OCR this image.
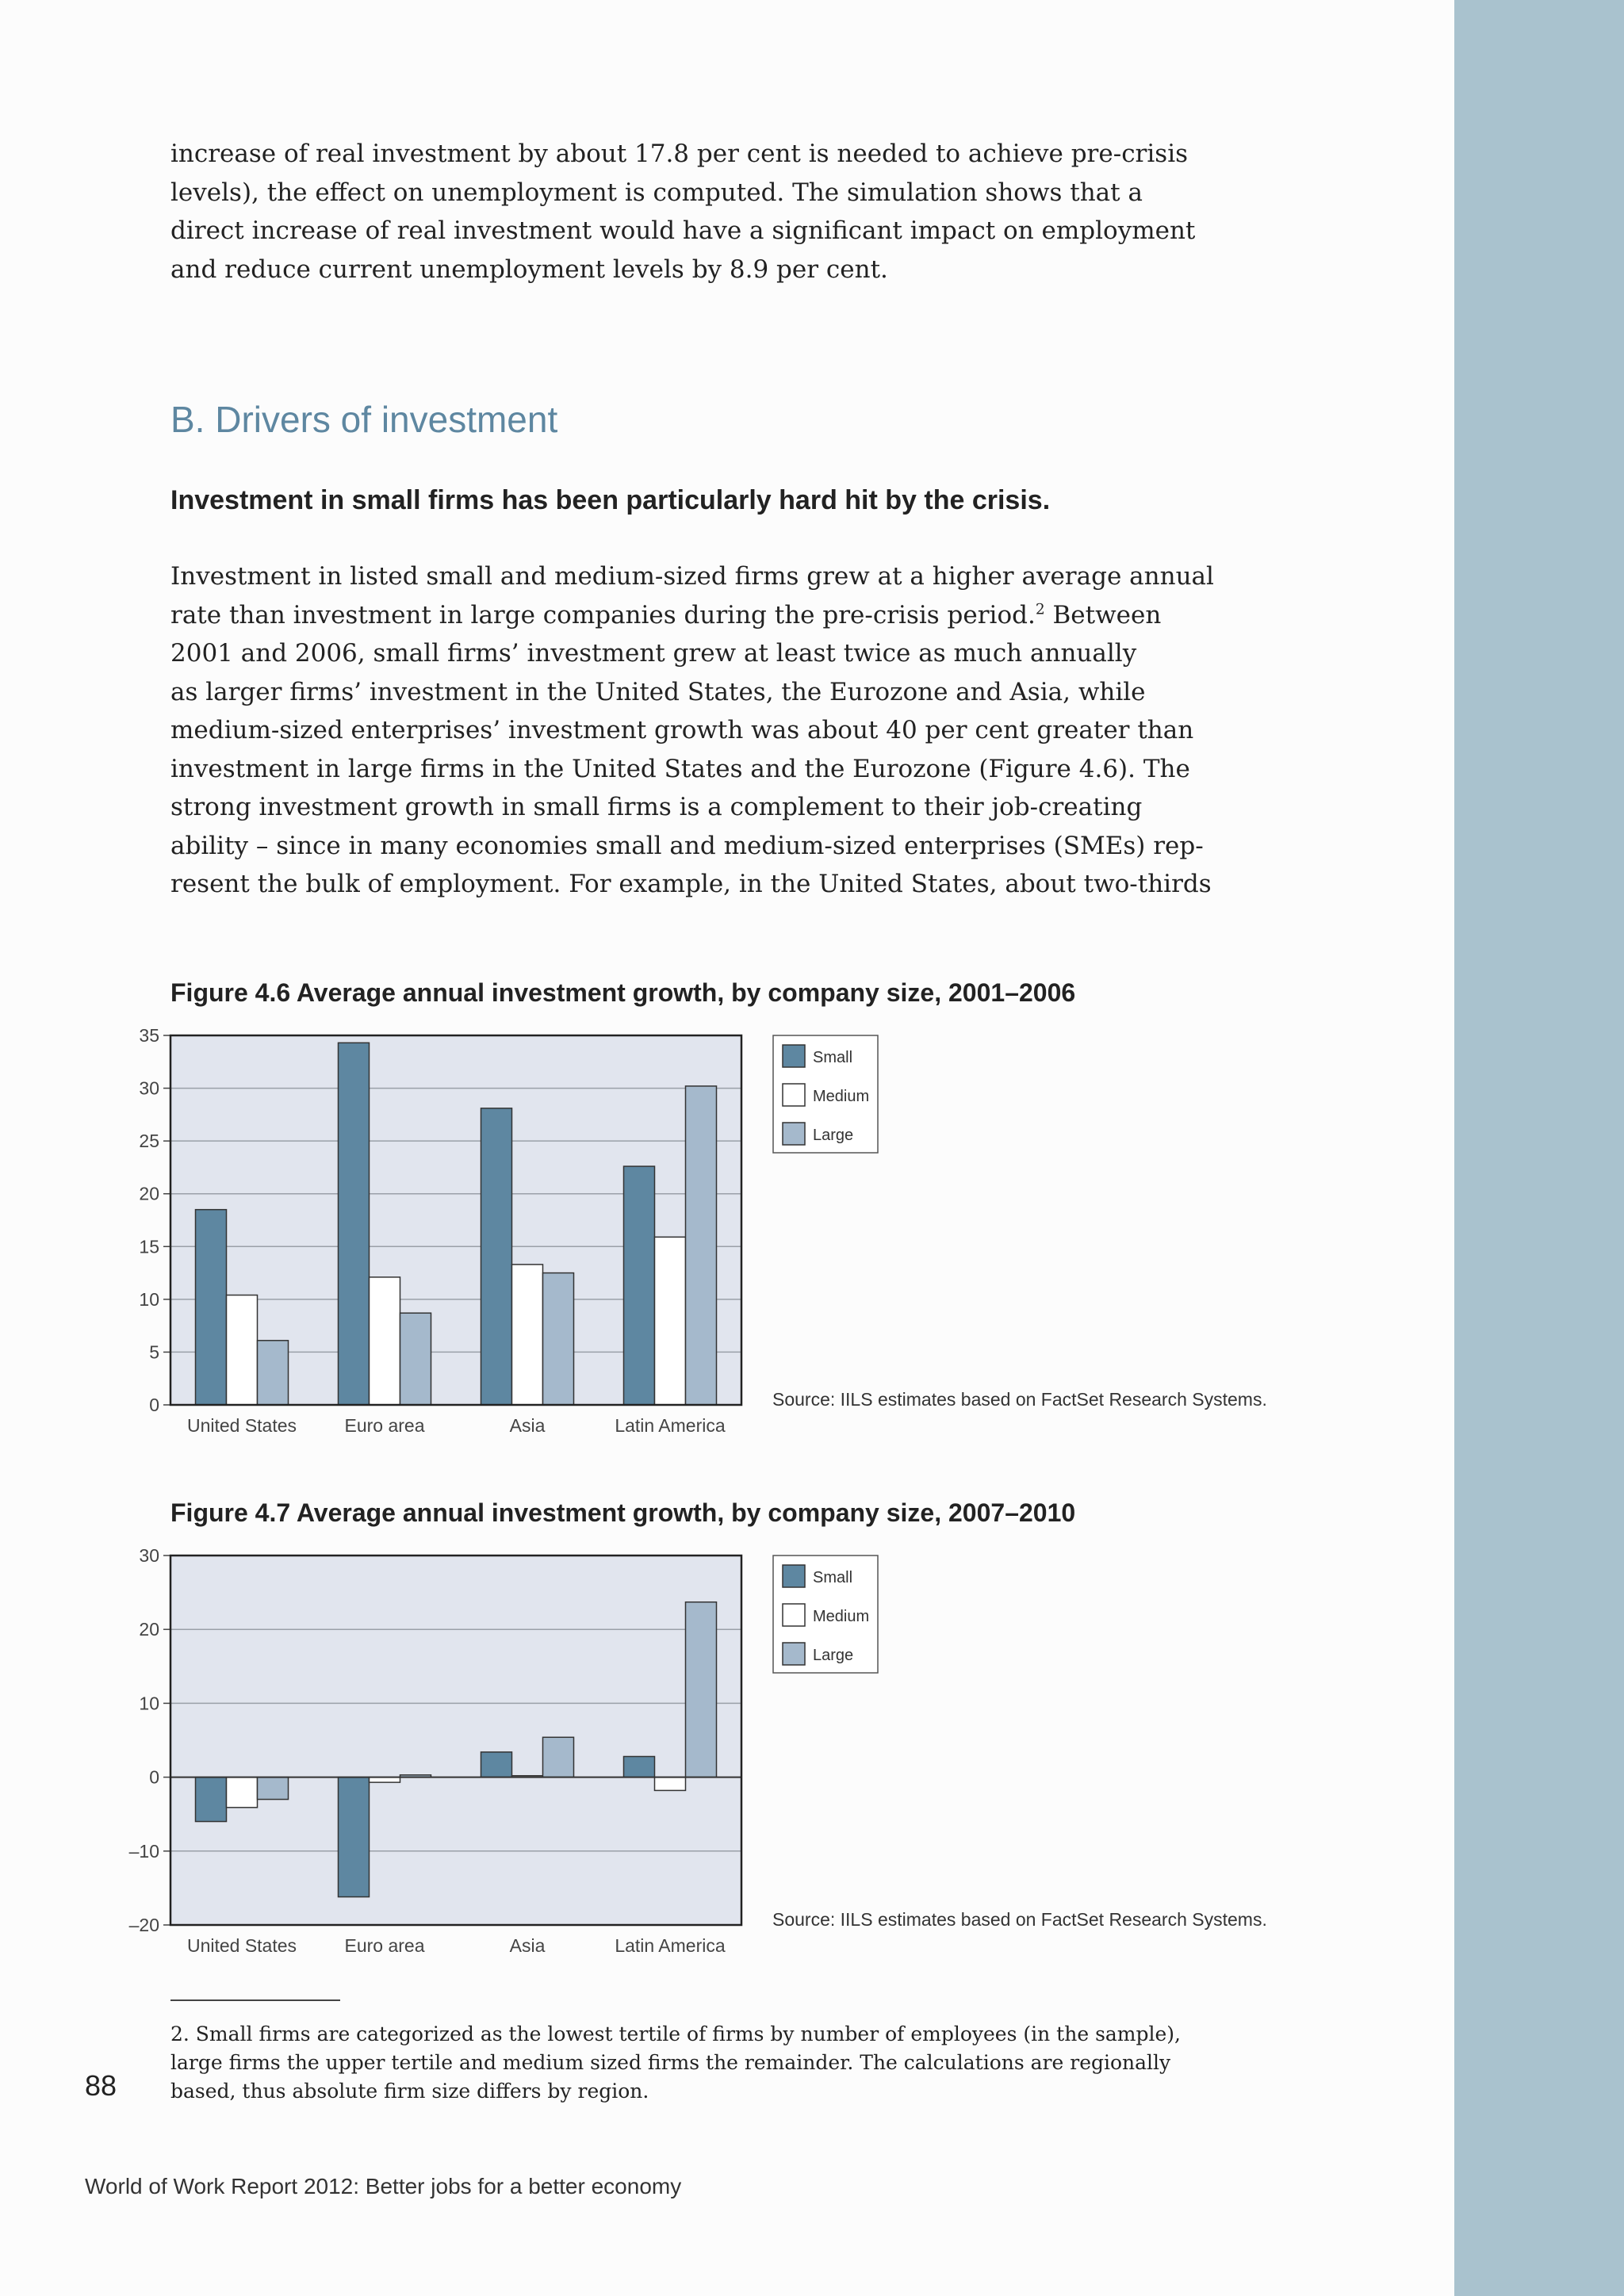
increase of real investment by about 17.8 per cent is needed to achieve pre-crisis
levels), the effect on unemployment is computed. The simulation shows that a
direct increase of real investment would have a significant impact on employment
and reduce current unemployment levels by 8.9 per cent.
B. Drivers of investment
Investment in small firms has been particularly hard hit by the crisis.
Investment in listed small and medium-sized firms grew at a higher average annual
rate than investment in large companies during the pre-crisis period.$^2$ Between
2001 and 2006, small firms’ investment grew at least twice as much annually
as larger firms’ investment in the United States, the Eurozone and Asia, while
medium-sized enterprises’ investment growth was about 40 per cent greater than
investment in large firms in the United States and the Eurozone (Figure 4.6). The
strong investment growth in small firms is a complement to their job-creating
ability – since in many economies small and medium-sized enterprises (SMEs) rep-
resent the bulk of employment. For example, in the United States, about two-thirds
Figure 4.6 Average annual investment growth, by company size, 2001–2006
0
5
10
15
20
25
30
35
United States	Euro area	Asia	Latin America
Small
Medium
Large
Source: IILS estimates based on FactSet Research Systems.
Figure 4.7 Average annual investment growth, by company size, 2007–2010
–20
–10
0
10
20
30
United States	Euro area	Asia	Latin America
Small
Medium
Large
Source: IILS estimates based on FactSet Research Systems.

2. Small firms are categorized as the lowest tertile of firms by number of employees (in the sample),
large firms the upper tertile and medium sized firms the remainder. The calculations are regionally
based, thus absolute firm size differs by region.

88
World of Work Report 2012: Better jobs for a better economy
